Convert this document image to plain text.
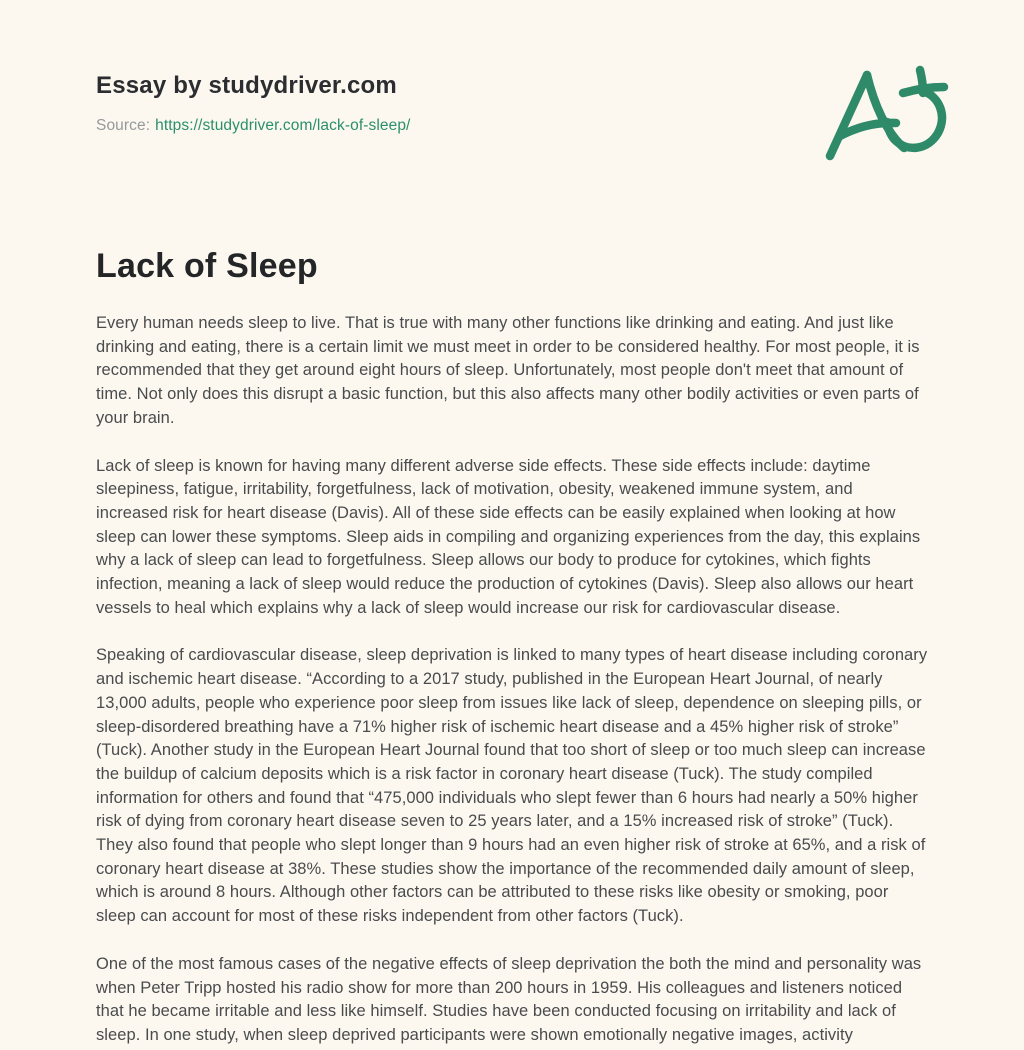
Essay by studydriver.com
Source: https://studydriver.com/lack-of-sleep/
Lack of Sleep

Every human needs sleep to live. That is true with many other functions like drinking and eating. And just like drinking and eating, there is a certain limit we must meet in order to be considered healthy. For most people, it is recommended that they get around eight hours of sleep. Unfortunately, most people don't meet that amount of time. Not only does this disrupt a basic function, but this also affects many other bodily activities or even parts of your brain.

Lack of sleep is known for having many different adverse side effects. These side effects include: daytime sleepiness, fatigue, irritability, forgetfulness, lack of motivation, obesity, weakened immune system, and increased risk for heart disease (Davis). All of these side effects can be easily explained when looking at how sleep can lower these symptoms. Sleep aids in compiling and organizing experiences from the day, this explains why a lack of sleep can lead to forgetfulness. Sleep allows our body to produce for cytokines, which fights infection, meaning a lack of sleep would reduce the production of cytokines (Davis). Sleep also allows our heart vessels to heal which explains why a lack of sleep would increase our risk for cardiovascular disease.

Speaking of cardiovascular disease, sleep deprivation is linked to many types of heart disease including coronary and ischemic heart disease. “According to a 2017 study, published in the European Heart Journal, of nearly 13,000 adults, people who experience poor sleep from issues like lack of sleep, dependence on sleeping pills, or sleep-disordered breathing have a 71% higher risk of ischemic heart disease and a 45% higher risk of stroke” (Tuck). Another study in the European Heart Journal found that too short of sleep or too much sleep can increase the buildup of calcium deposits which is a risk factor in coronary heart disease (Tuck). The study compiled information for others and found that “475,000 individuals who slept fewer than 6 hours had nearly a 50% higher risk of dying from coronary heart disease seven to 25 years later, and a 15% increased risk of stroke” (Tuck). They also found that people who slept longer than 9 hours had an even higher risk of stroke at 65%, and a risk of coronary heart disease at 38%. These studies show the importance of the recommended daily amount of sleep, which is around 8 hours. Although other factors can be attributed to these risks like obesity or smoking, poor sleep can account for most of these risks independent from other factors (Tuck).

One of the most famous cases of the negative effects of sleep deprivation the both the mind and personality was when Peter Tripp hosted his radio show for more than 200 hours in 1959. His colleagues and listeners noticed that he became irritable and less like himself. Studies have been conducted focusing on irritability and lack of sleep. In one study, when sleep deprived participants were shown emotionally negative images, activity
